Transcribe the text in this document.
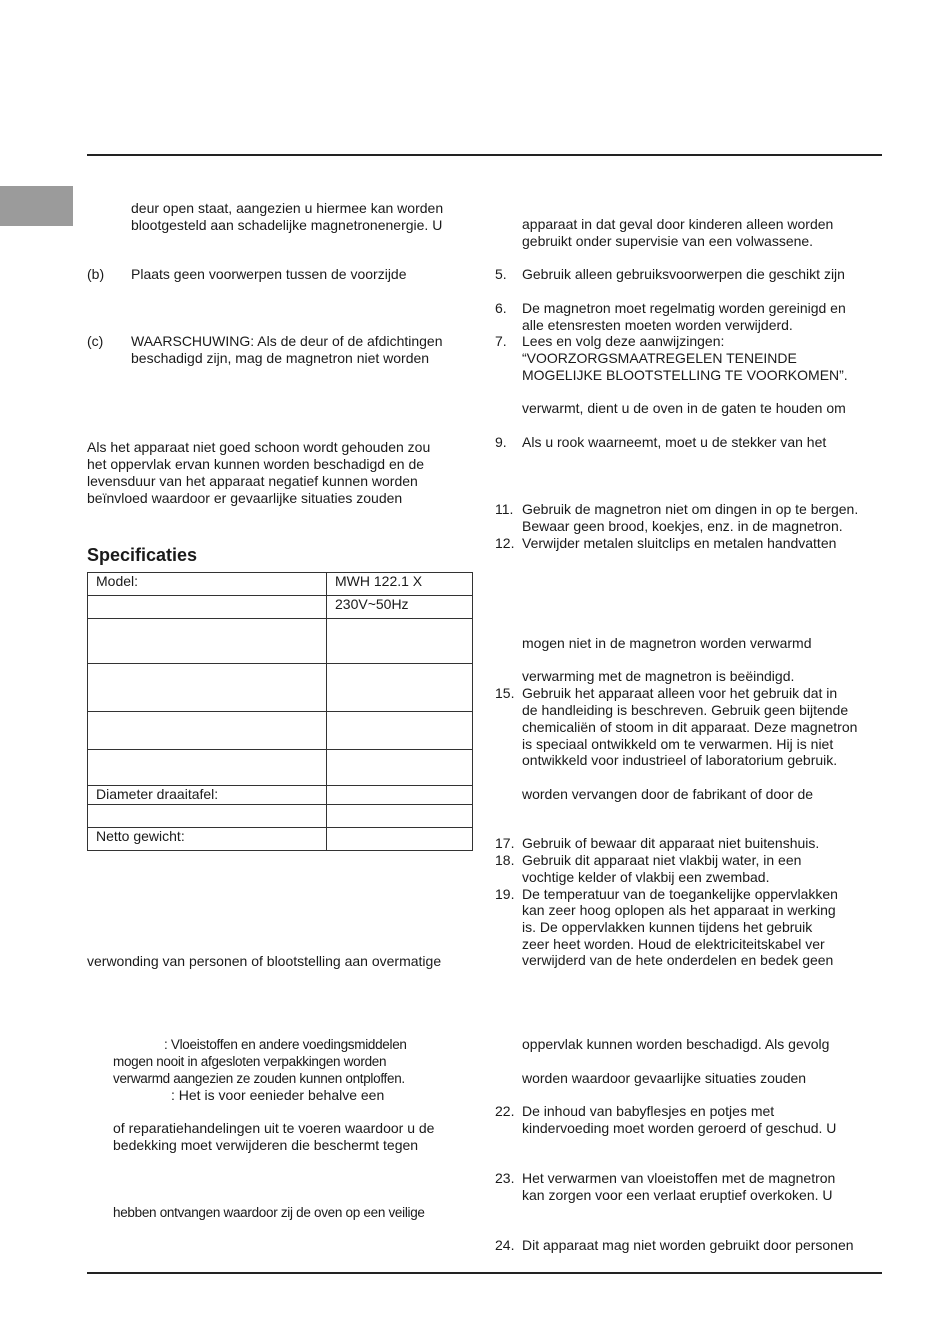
deur open staat, aangezien u hiermee kan worden
blootgesteld aan schadelijke magnetronenergie. U
(b) Plaats geen voorwerpen tussen de voorzijde
(c) WAARSCHUWING: Als de deur of de afdichtingen
beschadigd zijn, mag de magnetron niet worden
Als het apparaat niet goed schoon wordt gehouden zou
het oppervlak ervan kunnen worden beschadigd en de
levensduur van het apparaat negatief kunnen worden
beïnvloed waardoor er gevaarlijke situaties zouden
Specificaties
Model:	MWH 122.1 X
	230V~50Hz

Diameter draaitafel:	

Netto gewicht:	
verwonding van personen of blootstelling aan overmatige
: Vloeistoffen en andere voedingsmiddelen
mogen nooit in afgesloten verpakkingen worden
verwarmd aangezien ze zouden kunnen ontploffen.
: Het is voor eenieder behalve een
of reparatiehandelingen uit te voeren waardoor u de
bedekking moet verwijderen die beschermt tegen
hebben ontvangen waardoor zij de oven op een veilige
apparaat in dat geval door kinderen alleen worden
gebruikt onder supervisie van een volwassene.
5. Gebruik alleen gebruiksvoorwerpen die geschikt zijn
6. De magnetron moet regelmatig worden gereinigd en
alle etensresten moeten worden verwijderd.
7. Lees en volg deze aanwijzingen:
“VOORZORGSMAATREGELEN TENEINDE
MOGELIJKE BLOOTSTELLING TE VOORKOMEN”.
verwarmt, dient u de oven in de gaten te houden om
9. Als u rook waarneemt, moet u de stekker van het
11. Gebruik de magnetron niet om dingen in op te bergen.
Bewaar geen brood, koekjes, enz. in de magnetron.
12. Verwijder metalen sluitclips en metalen handvatten
mogen niet in de magnetron worden verwarmd
verwarming met de magnetron is beëindigd.
15. Gebruik het apparaat alleen voor het gebruik dat in
de handleiding is beschreven. Gebruik geen bijtende
chemicaliën of stoom in dit apparaat. Deze magnetron
is speciaal ontwikkeld om te verwarmen. Hij is niet
ontwikkeld voor industrieel of laboratorium gebruik.
worden vervangen door de fabrikant of door de
17. Gebruik of bewaar dit apparaat niet buitenshuis.
18. Gebruik dit apparaat niet vlakbij water, in een
vochtige kelder of vlakbij een zwembad.
19. De temperatuur van de toegankelijke oppervlakken
kan zeer hoog oplopen als het apparaat in werking
is. De oppervlakken kunnen tijdens het gebruik
zeer heet worden. Houd de elektriciteitskabel ver
verwijderd van de hete onderdelen en bedek geen
oppervlak kunnen worden beschadigd. Als gevolg
worden waardoor gevaarlijke situaties zouden
22. De inhoud van babyflesjes en potjes met
kindervoeding moet worden geroerd of geschud. U
23. Het verwarmen van vloeistoffen met de magnetron
kan zorgen voor een verlaat eruptief overkoken. U
24. Dit apparaat mag niet worden gebruikt door personen
